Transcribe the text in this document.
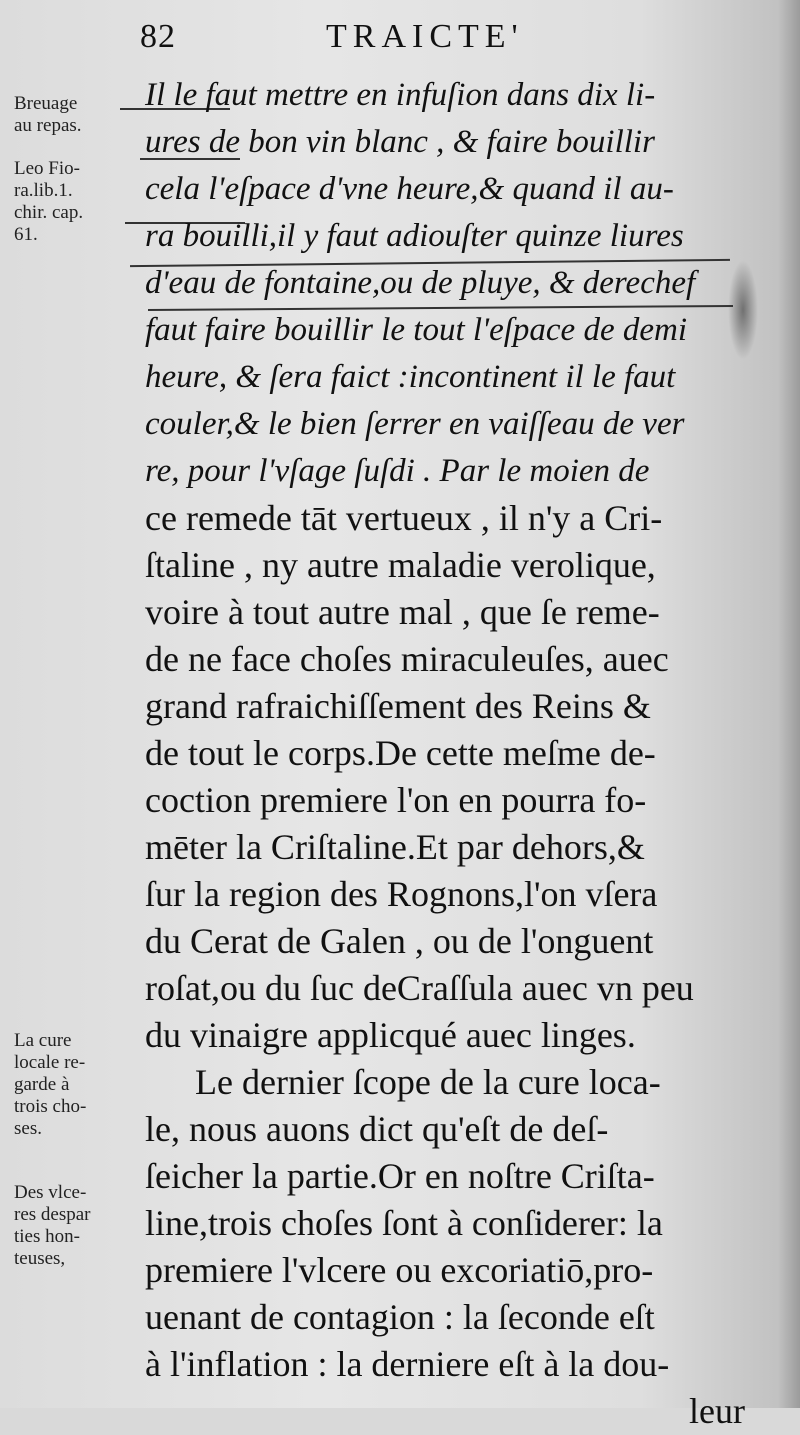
82	TRAICTE'
Breuage
au repas.
Leo Fio-
ra.lib.1.
chir. cap.
61.
La cure
locale re-
garde à
trois cho-
ses.
Des vlce-
res despar
ties hon-
teuses,
Il le faut mettre en infuſion dans dix li-
ures de bon vin blanc , & faire bouillir
cela l'eſpace d'vne heure,& quand il au-
ra bouilli,il y faut adiouſter quinze liures
d'eau de fontaine,ou de pluye, & derechef
faut faire bouillir le tout l'eſpace de demi
heure, & ſera faict :incontinent il le faut
couler,& le bien ſerrer en vaiſſeau de ver
re, pour l'vſage ſuſdi . Par le moien de
ce remede tāt vertueux , il n'y a Cri-
ſtaline , ny autre maladie verolique,
voire à tout autre mal , que ſe reme-
de ne face choſes miraculeuſes, auec
grand rafraichiſſement des Reins &
de tout le corps.De cette meſme de-
coction premiere l'on en pourra fo-
mēter la Criſtaline.Et par dehors,&
ſur la region des Rognons,l'on vſera
du Cerat de Galen , ou de l'onguent
roſat,ou du ſuc deCraſſula auec vn peu
du vinaigre applicqué auec linges.
Le dernier ſcope de la cure loca-
le, nous auons dict qu'eſt de deſ-
ſeicher la partie.Or en noſtre Criſta-
line,trois choſes ſont à conſiderer: la
premiere l'vlcere ou excoriatiō,pro-
uenant de contagion : la ſeconde eſt
à l'inflation : la derniere eſt à la dou-
leur
